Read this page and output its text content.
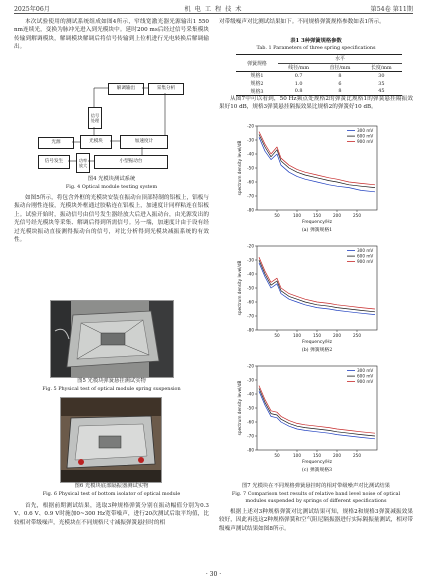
2025年06月	机 电 工 程 技 术	第54卷 第11期
本次试验使用的测试系统组成如图4所示，窄线宽激光器光源输出1 550 nm连续光，变换为脉冲光进入到光模块中。延时200 ms后经过信号采集模块传输到解调模块，解调模块解调后将信号传输到上位机进行光电转换后解调输出。
解调输出	采集分析
信号处理
光源	光模块	加速度计
信号发生	功率放大
小型振动台
图4 光模块测试系统
Fig. 4 Optical module testing system
如图5所示，将包含外框的光模块安装在振动台顶部特制的铝板上，铝板与振动台刚性连接，光模块外框通过胶粘连在铝板上，加速度计同样粘连在铝板上。试验开始时，振动信号由信号发生器经放大后进入振动台，由光源发出的光信号经光模块等采集、解调后得到所需信号。另一端，加速度计由于设有经过光模块振动直接测得振动台的信号，对比分析得到光模块减振系统的有效性。
图5 光模块弹簧悬挂测试实物
Fig. 5 Physical test of optical module spring suspension
图6 光模块底部隔振器测试实物
Fig. 6 Physical test of bottom isolator of optical module
首先，根据前期测试结果，选取3种规格弹簧分别在振动幅值分别为0.3 V、0.6 V、0.9 V时施加0~300 Hz宽带噪声，进行20次测试后取平均值，比较相对带级噪声，光模块在不同规格尺寸减振弹簧悬挂时的相
对带级噪声对比测试结果如下。不同规格弹簧规格参数如表1所示。
表1 3种弹簧规格参数
Tab. 1 Parameters of three spring specifications
弹簧规格	水平		
	线径/mm	直径/mm	长度/mm
规格1	0.7	8	30
规格2	1.0	6	35
规格3	0.8	8	45
从图7中可以看到，50 Hz频点处规格2的弹簧比规格1的弹簧悬挂隔振效果好10 dB，规格3弹簧悬挂隔振效果比规格2的弹簧好10 dB。
-20
-30
-40
-50
-60
-70
-80
50	100	150	200	250
Frequency/Hz
spectrum density level/dB
300 mV
600 mV
900 mV
(a) 弹簧规格1
-20
-30
-40
-50
-60
-70
-80
50	100	150	200	250
Frequency/Hz
spectrum density level/dB
300 mV
600 mV
900 mV
(b) 弹簧规格2
-20
-30
-40
-50
-60
-70
-80
50	100	150	200	250
Frequency/Hz
spectrum density level/dB
300 mV
600 mV
900 mV
(c) 弹簧规格3
图7 光模块在不同规格弹簧悬挂时的相对带级噪声对比测试结果
Fig. 7 Comparison test results of relative band level noise of optical
modules suspended by springs of different specifications
根据上述对3种规格弹簧对比测试结果可知，规格2和规格3弹簧减振效果较好，因此再选这2种规格弹簧和空气阻尼隔振器进行实际隔振量测试，相对带级噪声测试结果如图8所示。
· 30 ·
